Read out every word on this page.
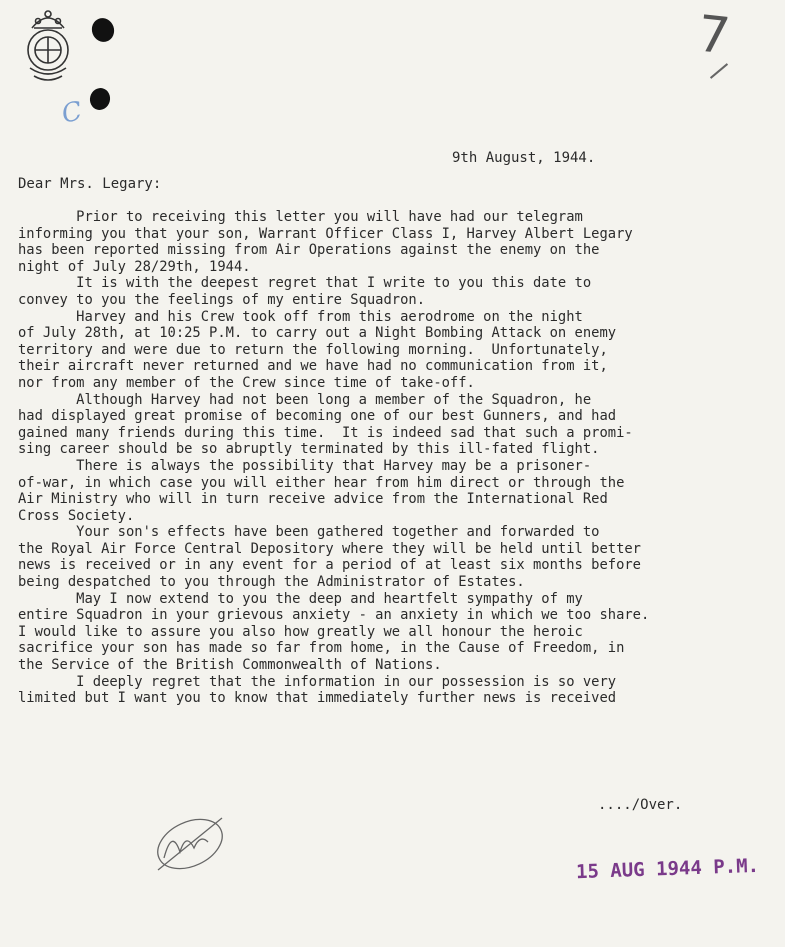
C
7
9th August, 1944.
Dear Mrs. Legary:
Prior to receiving this letter you will have had our telegram
informing you that your son, Warrant Officer Class I, Harvey Albert Legary
has been reported missing from Air Operations against the enemy on the
night of July 28/29th, 1944.
It is with the deepest regret that I write to you this date to
convey to you the feelings of my entire Squadron.
Harvey and his Crew took off from this aerodrome on the night
of July 28th, at 10:25 P.M. to carry out a Night Bombing Attack on enemy
territory and were due to return the following morning.  Unfortunately,
their aircraft never returned and we have had no communication from it,
nor from any member of the Crew since time of take-off.
Although Harvey had not been long a member of the Squadron, he
had displayed great promise of becoming one of our best Gunners, and had
gained many friends during this time.  It is indeed sad that such a promi-
sing career should be so abruptly terminated by this ill-fated flight.
There is always the possibility that Harvey may be a prisoner-
of-war, in which case you will either hear from him direct or through the
Air Ministry who will in turn receive advice from the International Red
Cross Society.
Your son's effects have been gathered together and forwarded to
the Royal Air Force Central Depository where they will be held until better
news is received or in any event for a period of at least six months before
being despatched to you through the Administrator of Estates.
May I now extend to you the deep and heartfelt sympathy of my
entire Squadron in your grievous anxiety - an anxiety in which we too share.
I would like to assure you also how greatly we all honour the heroic
sacrifice your son has made so far from home, in the Cause of Freedom, in
the Service of the British Commonwealth of Nations.
I deeply regret that the information in our possession is so very
limited but I want you to know that immediately further news is received
..../Over.
15 AUG 1944 P.M.
